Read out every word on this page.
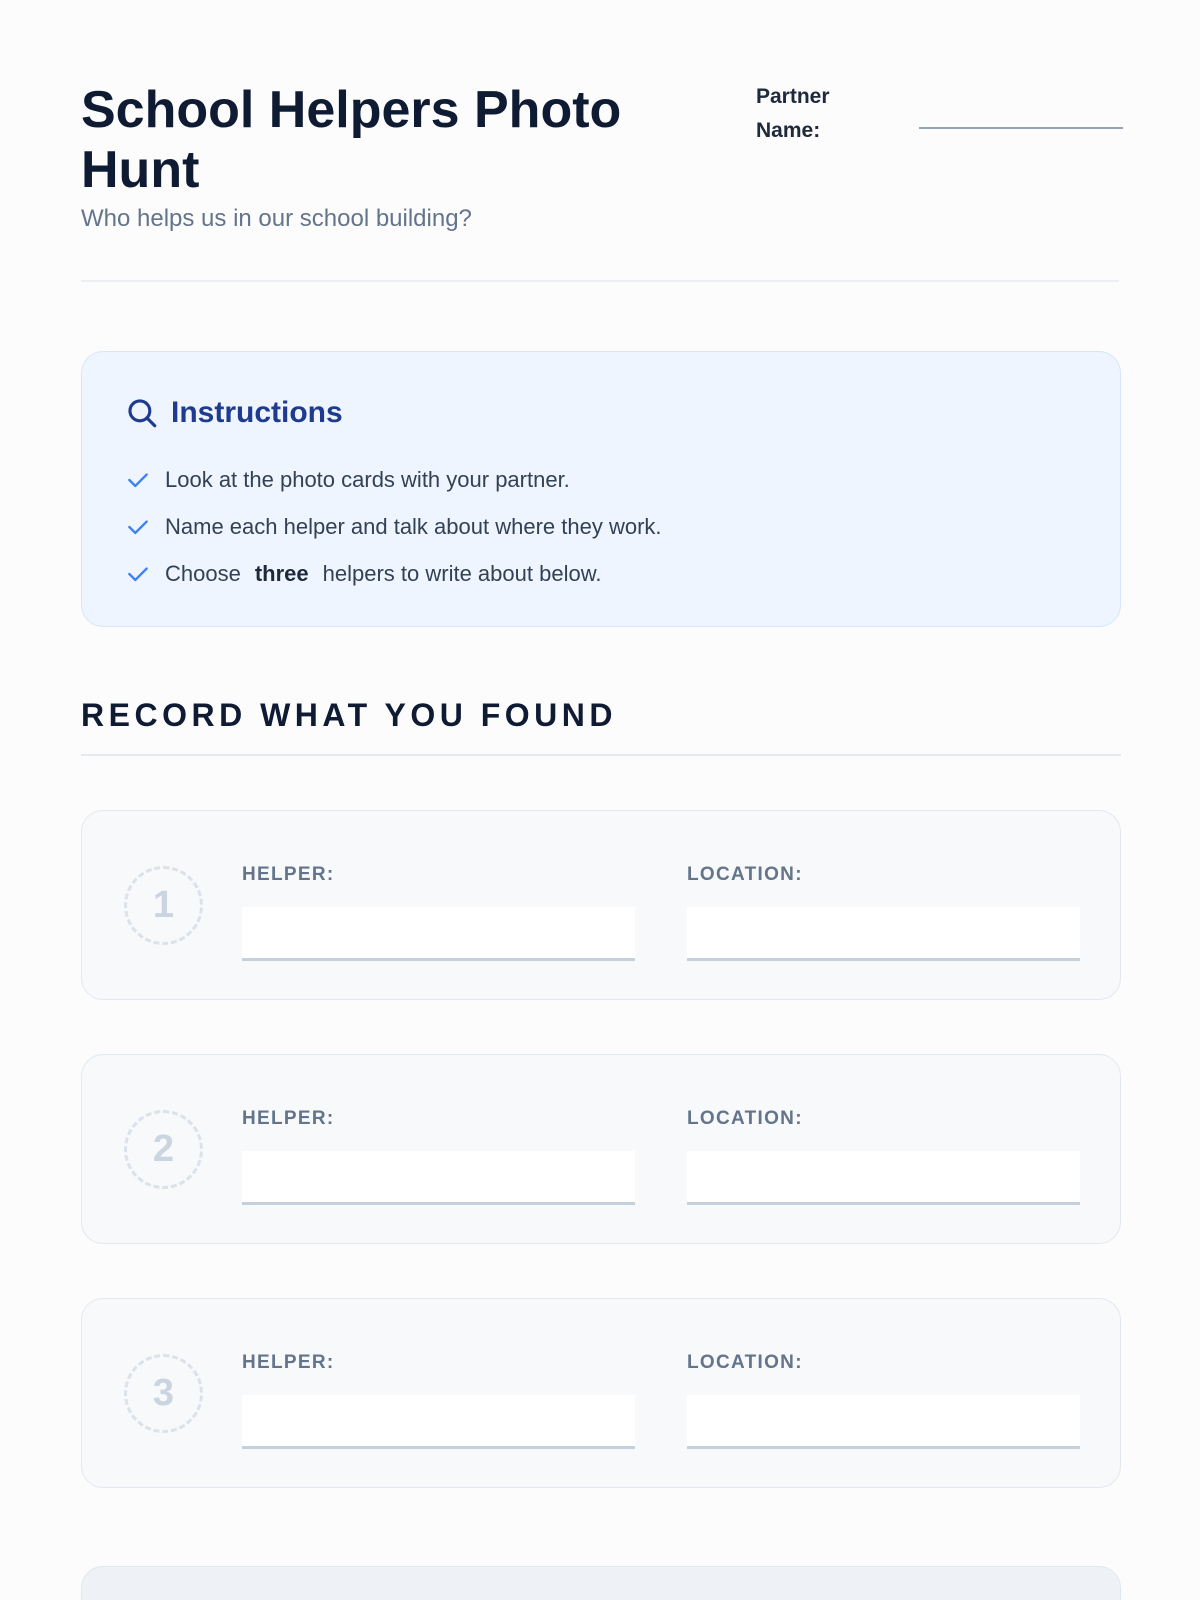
School Helpers Photo Hunt
Who helps us in our school building?
Partner Name:
Instructions
Look at the photo cards with your partner.
Name each helper and talk about where they work.
Choose three helpers to write about below.
RECORD WHAT YOU FOUND
1
HELPER:	LOCATION:
2
HELPER:	LOCATION:
3
HELPER:	LOCATION:
